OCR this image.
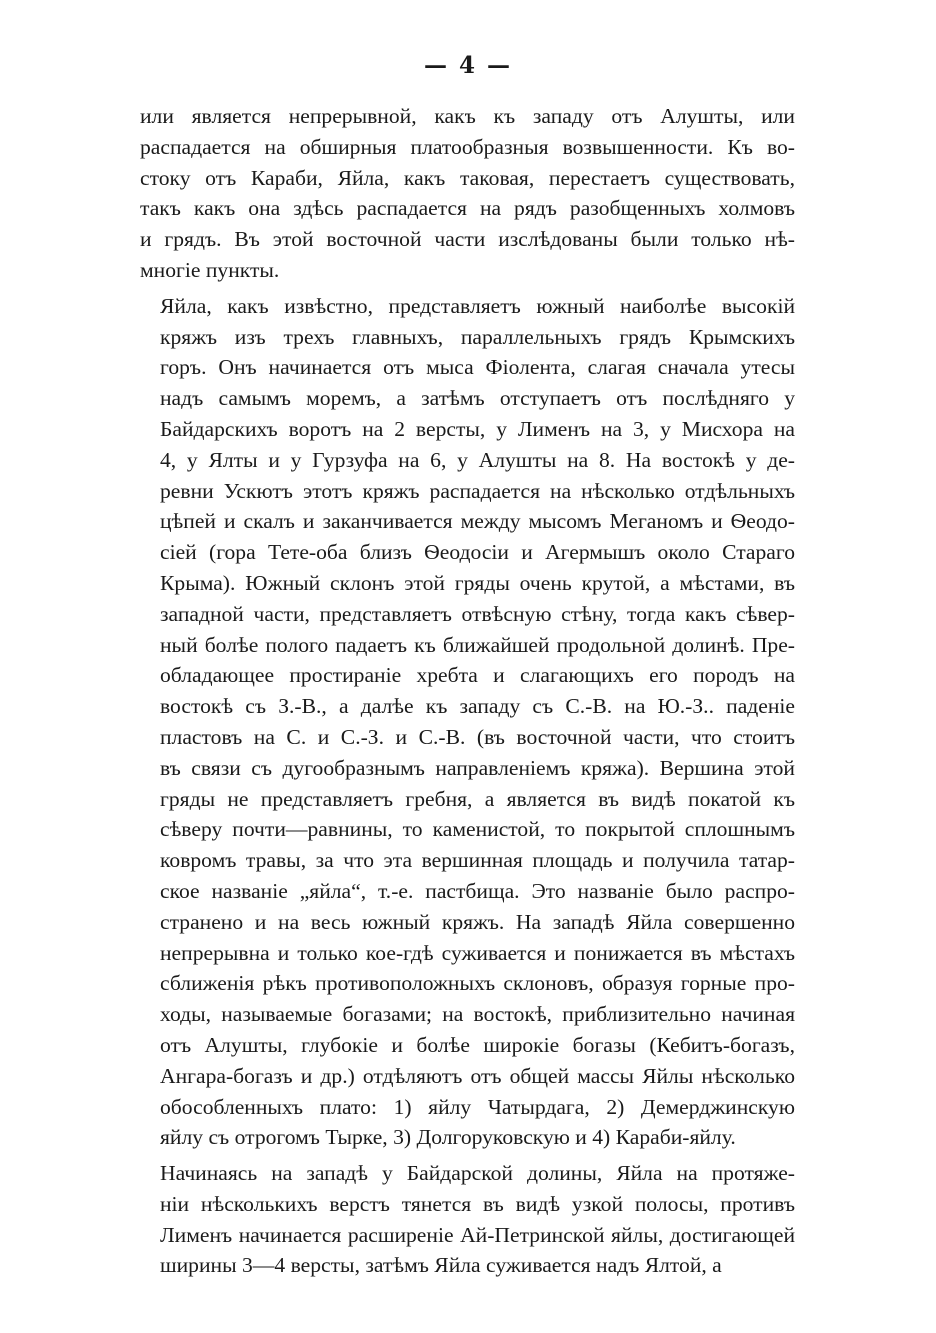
— 4 —
или является непрерывной, какъ къ западу отъ Алушты, или
распадается на обширныя платообразныя возвышенности. Къ во-
стоку отъ Караби, Яйла, какъ таковая, перестаетъ существовать,
такъ какъ она здѣсь распадается на рядъ разобщенныхъ холмовъ
и грядъ. Въ этой восточной части изслѣдованы были только нѣ-
многiе пункты.
Яйла, какъ извѣстно, представляетъ южный наиболѣе высокiй
кряжъ изъ трехъ главныхъ, параллельныхъ грядъ Крымскихъ
горъ. Онъ начинается отъ мыса Фiолента, слагая сначала утесы
надъ самымъ моремъ, а затѣмъ отступаетъ отъ послѣдняго у
Байдарскихъ воротъ на 2 версты, у Лименъ на 3, у Мисхора на
4, у Ялты и у Гурзуфа на 6, у Алушты на 8. На востокѣ у де-
ревни Ускютъ этотъ кряжъ распадается на нѣсколько отдѣльныхъ
цѣпей и скалъ и заканчивается между мысомъ Меганомъ и Ѳеодо-
сiей (гора Тете-оба близъ Ѳеодосiи и Агермышъ около Стараго
Крыма). Южный склонъ этой гряды очень крутой, а мѣстами, въ
западной части, представляетъ отвѣсную стѣну, тогда какъ сѣвер-
ный болѣе полого падаетъ къ ближайшей продольной долинѣ. Пре-
обладающее простиранiе хребта и слагающихъ его породъ на
востокѣ съ З.-В., а далѣе къ западу съ С.-В. на Ю.-З.. паденiе
пластовъ на С. и С.-З. и С.-В. (въ восточной части, что стоитъ
въ связи съ дугообразнымъ направленiемъ кряжа). Вершина этой
гряды не представляетъ гребня, а является въ видѣ покатой къ
сѣверу почти—равнины, то каменистой, то покрытой сплошнымъ
ковромъ травы, за что эта вершинная площадь и получила татар-
ское названiе „яйла“, т.-е. пастбища. Это названiе было распро-
странено и на весь южный кряжъ. На западѣ Яйла совершенно
непрерывна и только кое-гдѣ суживается и понижается въ мѣстахъ
сближенiя рѣкъ противоположныхъ склоновъ, образуя горные про-
ходы, называемые богазами; на востокѣ, приблизительно начиная
отъ Алушты, глубокiе и болѣе широкiе богазы (Кебитъ-богазъ,
Ангара-богазъ и др.) отдѣляютъ отъ общей массы Яйлы нѣсколько
обособленныхъ плато: 1) яйлу Чатырдага, 2) Демерджинскую
яйлу съ отрогомъ Тырке, 3) Долгоруковскую и 4) Караби-яйлу.
Начинаясь на западѣ у Байдарской долины, Яйла на протяже-
нiи нѣсколькихъ верстъ тянется въ видѣ узкой полосы, противъ
Лименъ начинается расширенiе Ай-Петринской яйлы, достигающей
ширины 3—4 версты, затѣмъ Яйла суживается надъ Ялтой, а
